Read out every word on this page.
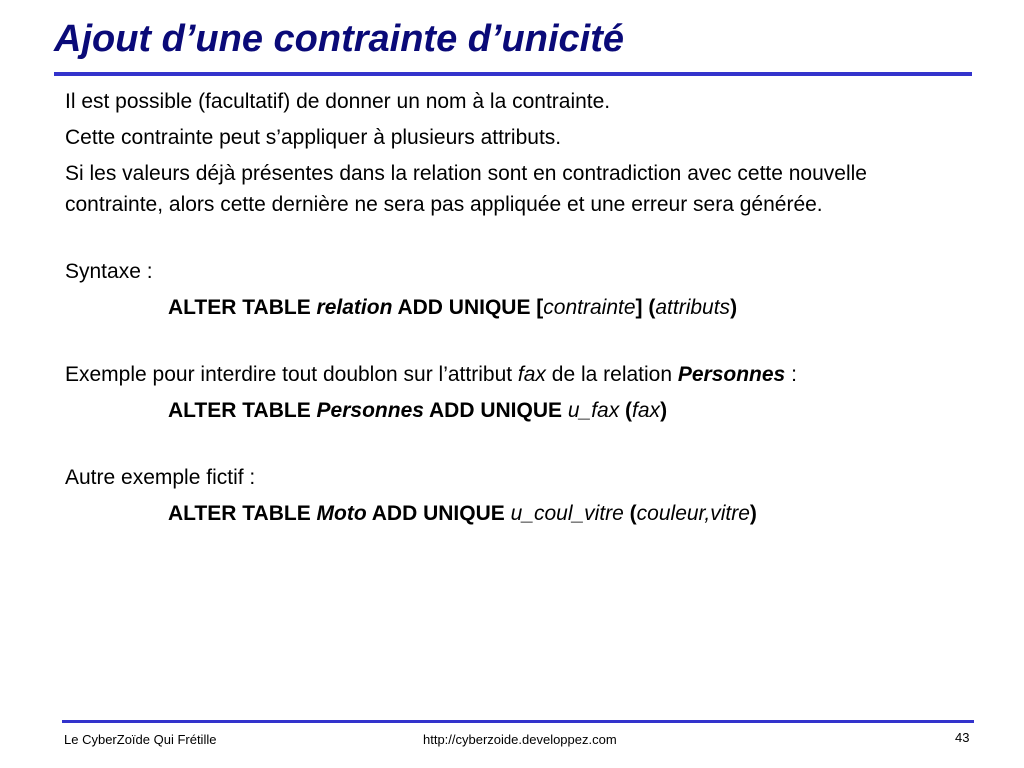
Ajout d’une contrainte d’unicité

Il est possible (facultatif) de donner un nom à la contrainte.

Cette contrainte peut s’appliquer à plusieurs attributs.

Si les valeurs déjà présentes dans la relation sont en contradiction avec cette nouvelle contrainte, alors cette dernière ne sera pas appliquée et une erreur sera générée.

Syntaxe :

ALTER TABLE relation ADD UNIQUE [contrainte] (attributs)

Exemple pour interdire tout doublon sur l’attribut fax de la relation Personnes :

ALTER TABLE Personnes ADD UNIQUE u_fax (fax)

Autre exemple fictif :

ALTER TABLE Moto ADD UNIQUE u_coul_vitre (couleur,vitre)

Le CyberZoïde Qui Frétille	http://cyberzoide.developpez.com	43
